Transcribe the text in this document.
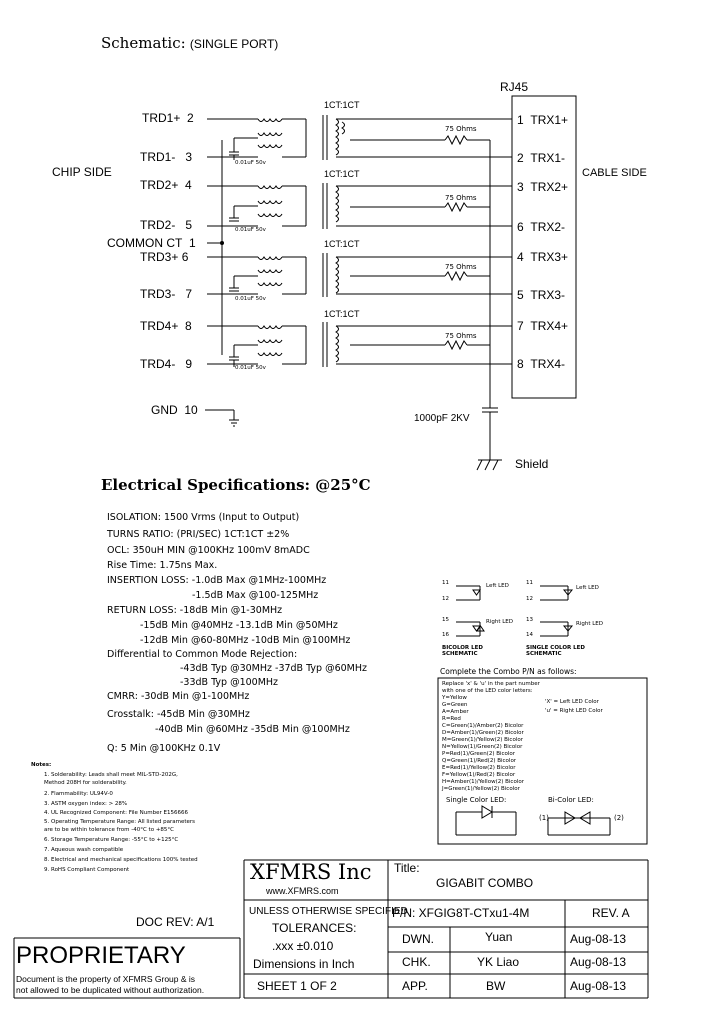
Schematic: (SINGLE PORT)
CHIP SIDE	CABLE SIDE
RJ45
TRD1+ 2
TRD1- 3
TRD2+ 4
TRD2- 5
COMMON CT 1
TRD3+ 6
TRD3- 7
TRD4+ 8
TRD4- 9
GND 10
1 TRX1+
2 TRX1-
3 TRX2+
6 TRX2-
4 TRX3+
5 TRX3-
7 TRX4+
8 TRX4-
1CT:1CT
1CT:1CT
1CT:1CT
1CT:1CT
75 Ohms
75 Ohms
75 Ohms
75 Ohms
0.01uF 50v
0.01uF 50v
0.01uF 50v
0.01uF 50v
1000pF 2KV
Shield
Electrical Specifications: @25°C
ISOLATION: 1500 Vrms (Input to Output)
TURNS RATIO: (PRI/SEC) 1CT:1CT ±2%
OCL: 350uH MIN @100KHz 100mV 8mADC
Rise Time: 1.75ns Max.
INSERTION LOSS: -1.0dB Max @1MHz-100MHz
-1.5dB Max @100-125MHz
RETURN LOSS: -18dB Min @1-30MHz
-15dB Min @40MHz -13.1dB Min @50MHz
-12dB Min @60-80MHz -10dB Min @100MHz
Differential to Common Mode Rejection:
-43dB Typ @30MHz -37dB Typ @60MHz
-33dB Typ @100MHz
CMRR: -30dB Min @1-100MHz
Crosstalk: -45dB Min @30MHz
-40dB Min @60MHz -35dB Min @100MHz
Q: 5 Min @100KHz 0.1V
Notes:
1. Solderability: Leads shall meet MIL-STD-202G,
Method 208H for solderability.
2. Flammability: UL94V-0
3. ASTM oxygen index: > 28%
4. UL Recognized Component: File Number E156666
5. Operating Temperature Range: All listed parameters
are to be within tolerance from -40°C to +85°C
6. Storage Temperature Range: -55°C to +125°C
7. Aqueous wash compatible
8. Electrical and mechanical specifications 100% tested
9. RoHS Compliant Component
11
12
Left LED
15
16
Right LED
BICOLOR LED SCHEMATIC
11
12
Left LED
13
14
Right LED
SINGLE COLOR LED SCHEMATIC
Complete the Combo P/N as follows:
Replace 'x' & 'u' in the part number
with one of the LED color letters:
Y=Yellow
G=Green
A=Amber
R=Red
C=Green(1)/Amber(2) Bicolor
D=Amber(1)/Green(2) Bicolor
M=Green(1)/Yellow(2) Bicolor
N=Yellow(1)/Green(2) Bicolor
P=Red(1)/Green(2) Bicolor
Q=Green(1)/Red(2) Bicolor
E=Red(1)/Yellow(2) Bicolor
F=Yellow(1)/Red(2) Bicolor
H=Amber(1)/Yellow(2) Bicolor
J=Green(1)/Yellow(2) Bicolor
'X' = Left LED Color
'u' = Right LED Color
Single Color LED:	Bi-Color LED:
(1)	(2)
XFMRS Inc
www.XFMRS.com
Title:
GIGABIT COMBO
UNLESS OTHERWISE SPECIFIED
TOLERANCES:
.xxx ±0.010
Dimensions in Inch
P/N: XFGIG8T-CTxu1-4M	REV. A
DWN.	Yuan	Aug-08-13
CHK.	YK Liao	Aug-08-13
APP.	BW	Aug-08-13
SHEET 1 OF 2
DOC REV: A/1
PROPRIETARY
Document is the property of XFMRS Group & is
not allowed to be duplicated without authorization.
